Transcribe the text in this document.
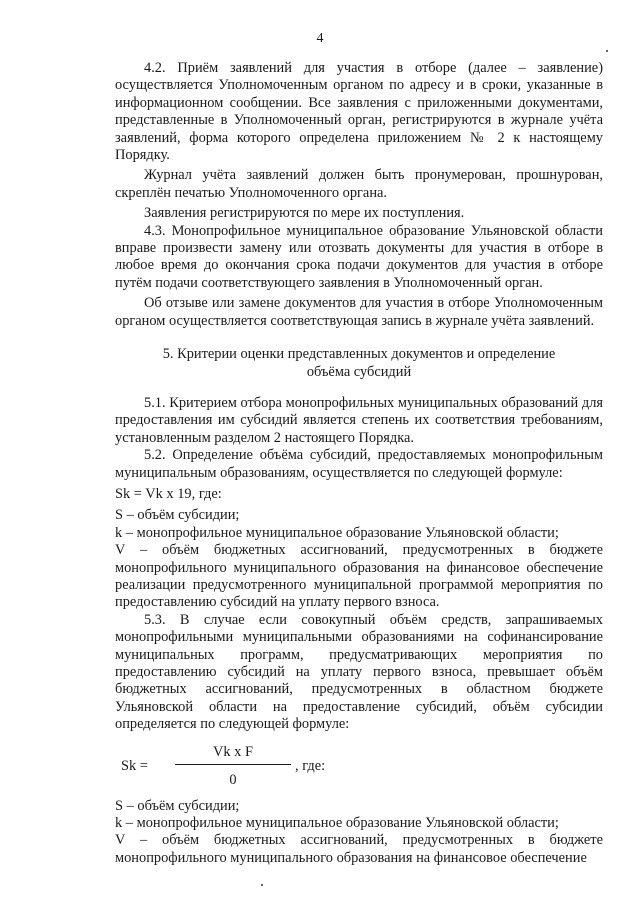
4

4.2. Приём заявлений для участия в отборе (далее – заявление) осуществляется Уполномоченным органом по адресу и в сроки, указанные в информационном сообщении. Все заявления с приложенными документами, представленные в Уполномоченный орган, регистрируются в журнале учёта заявлений, форма которого определена приложением № 2 к настоящему Порядку.

Журнал учёта заявлений должен быть пронумерован, прошнурован, скреплён печатью Уполномоченного органа.

Заявления регистрируются по мере их поступления.

4.3. Монопрофильное муниципальное образование Ульяновской области вправе произвести замену или отозвать документы для участия в отборе в любое время до окончания срока подачи документов для участия в отборе путём подачи соответствующего заявления в Уполномоченный орган.

Об отзыве или замене документов для участия в отборе Уполномоченным органом осуществляется соответствующая запись в журнале учёта заявлений.

5. Критерии оценки представленных документов и определение
объёма субсидий

5.1. Критерием отбора монопрофильных муниципальных образований для предоставления им субсидий является степень их соответствия требованиям, установленным разделом 2 настоящего Порядка.

5.2. Определение объёма субсидий, предоставляемых монопрофильным муниципальным образованиям, осуществляется по следующей формуле:

Sk = Vk x 19, где:

S – объём субсидии;

k – монопрофильное муниципальное образование Ульяновской области;

V – объём бюджетных ассигнований, предусмотренных в бюджете монопрофильного муниципального образования на финансовое обеспечение реализации предусмотренного муниципальной программой мероприятия по предоставлению субсидий на уплату первого взноса.

5.3. В случае если совокупный объём средств, запрашиваемых монопрофильными муниципальными образованиями на софинансирование муниципальных программ, предусматривающих мероприятия по предоставлению субсидий на уплату первого взноса, превышает объём бюджетных ассигнований, предусмотренных в областном бюджете Ульяновской области на предоставление субсидий, объём субсидии определяется по следующей формуле:

Sk =
Vk x F
0
, где:

S – объём субсидии;

k – монопрофильное муниципальное образование Ульяновской области;

V – объём бюджетных ассигнований, предусмотренных в бюджете монопрофильного муниципального образования на финансовое обеспечение
